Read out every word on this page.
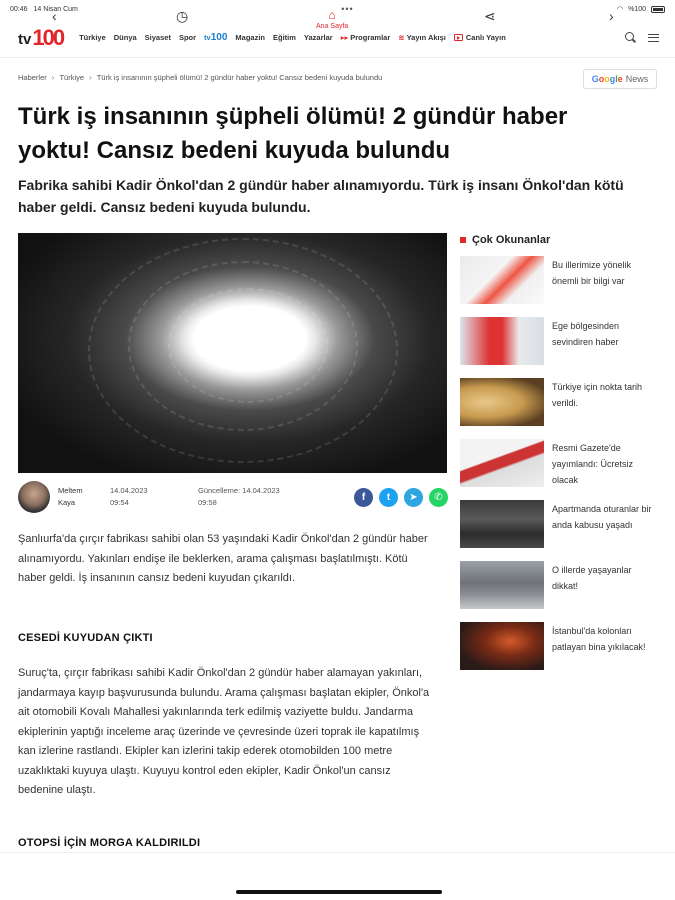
00:46 14 Nisan Cum	•••	◠ %100
tv 100 Türkiye Dünya Siyaset Spor tv100 Magazin Eğitim Yazarlar ▸▸ Programlar ≋ Yayın Akışı	Canlı Yayın
Haberler › Türkiye › Türk iş insanının şüpheli ölümü! 2 gündür haber yoktu! Cansız bedeni kuyuda bulundu	Google News
Türk iş insanının şüpheli ölümü! 2 gündür haber yoktu! Cansız bedeni kuyuda bulundu

Fabrika sahibi Kadir Önkol'dan 2 gündür haber alınamıyordu. Türk iş insanı Önkol'dan kötü haber geldi. Cansız bedeni kuyuda bulundu.

Meltem
Kaya
14.04.2023
09:54
Güncelleme: 14.04.2023
09:58	f	t	➤	✆

Şanlıurfa'da çırçır fabrikası sahibi olan 53 yaşındaki Kadir Önkol'dan 2 gündür haber alınamıyordu. Yakınları endişe ile beklerken, arama çalışması başlatılmıştı. Kötü haber geldi. İş insanının cansız bedeni kuyudan çıkarıldı.

CESEDİ KUYUDAN ÇIKTI

Suruç'ta, çırçır fabrikası sahibi Kadir Önkol'dan 2 gündür haber alamayan yakınları, jandarmaya kayıp başvurusunda bulundu. Arama çalışması başlatan ekipler, Önkol'a ait otomobili Kovalı Mahallesi yakınlarında terk edilmiş vaziyette buldu. Jandarma ekiplerinin yaptığı inceleme araç üzerinde ve çevresinde üzeri toprak ile kapatılmış kan izlerine rastlandı. Ekipler kan izlerini takip ederek otomobilden 100 metre uzaklıktaki kuyuya ulaştı. Kuyuyu kontrol eden ekipler, Kadir Önkol'un cansız bedenine ulaştı.

OTOPSİ İÇİN MORGA KALDIRILDI
Çok Okunanlar
Bu illerimize yönelik önemli bir bilgi var
Ege bölgesinden sevindiren haber
Türkiye için nokta tarih verildi.
Resmi Gazete'de yayımlandı: Ücretsiz olacak
Apartmanda oturanlar bir anda kabusu yaşadı
O illerde yaşayanlar dikkat!
İstanbul'da kolonları patlayan bina yıkılacak!
‹	◷	⌂
Ana Sayfa
⋖	›
